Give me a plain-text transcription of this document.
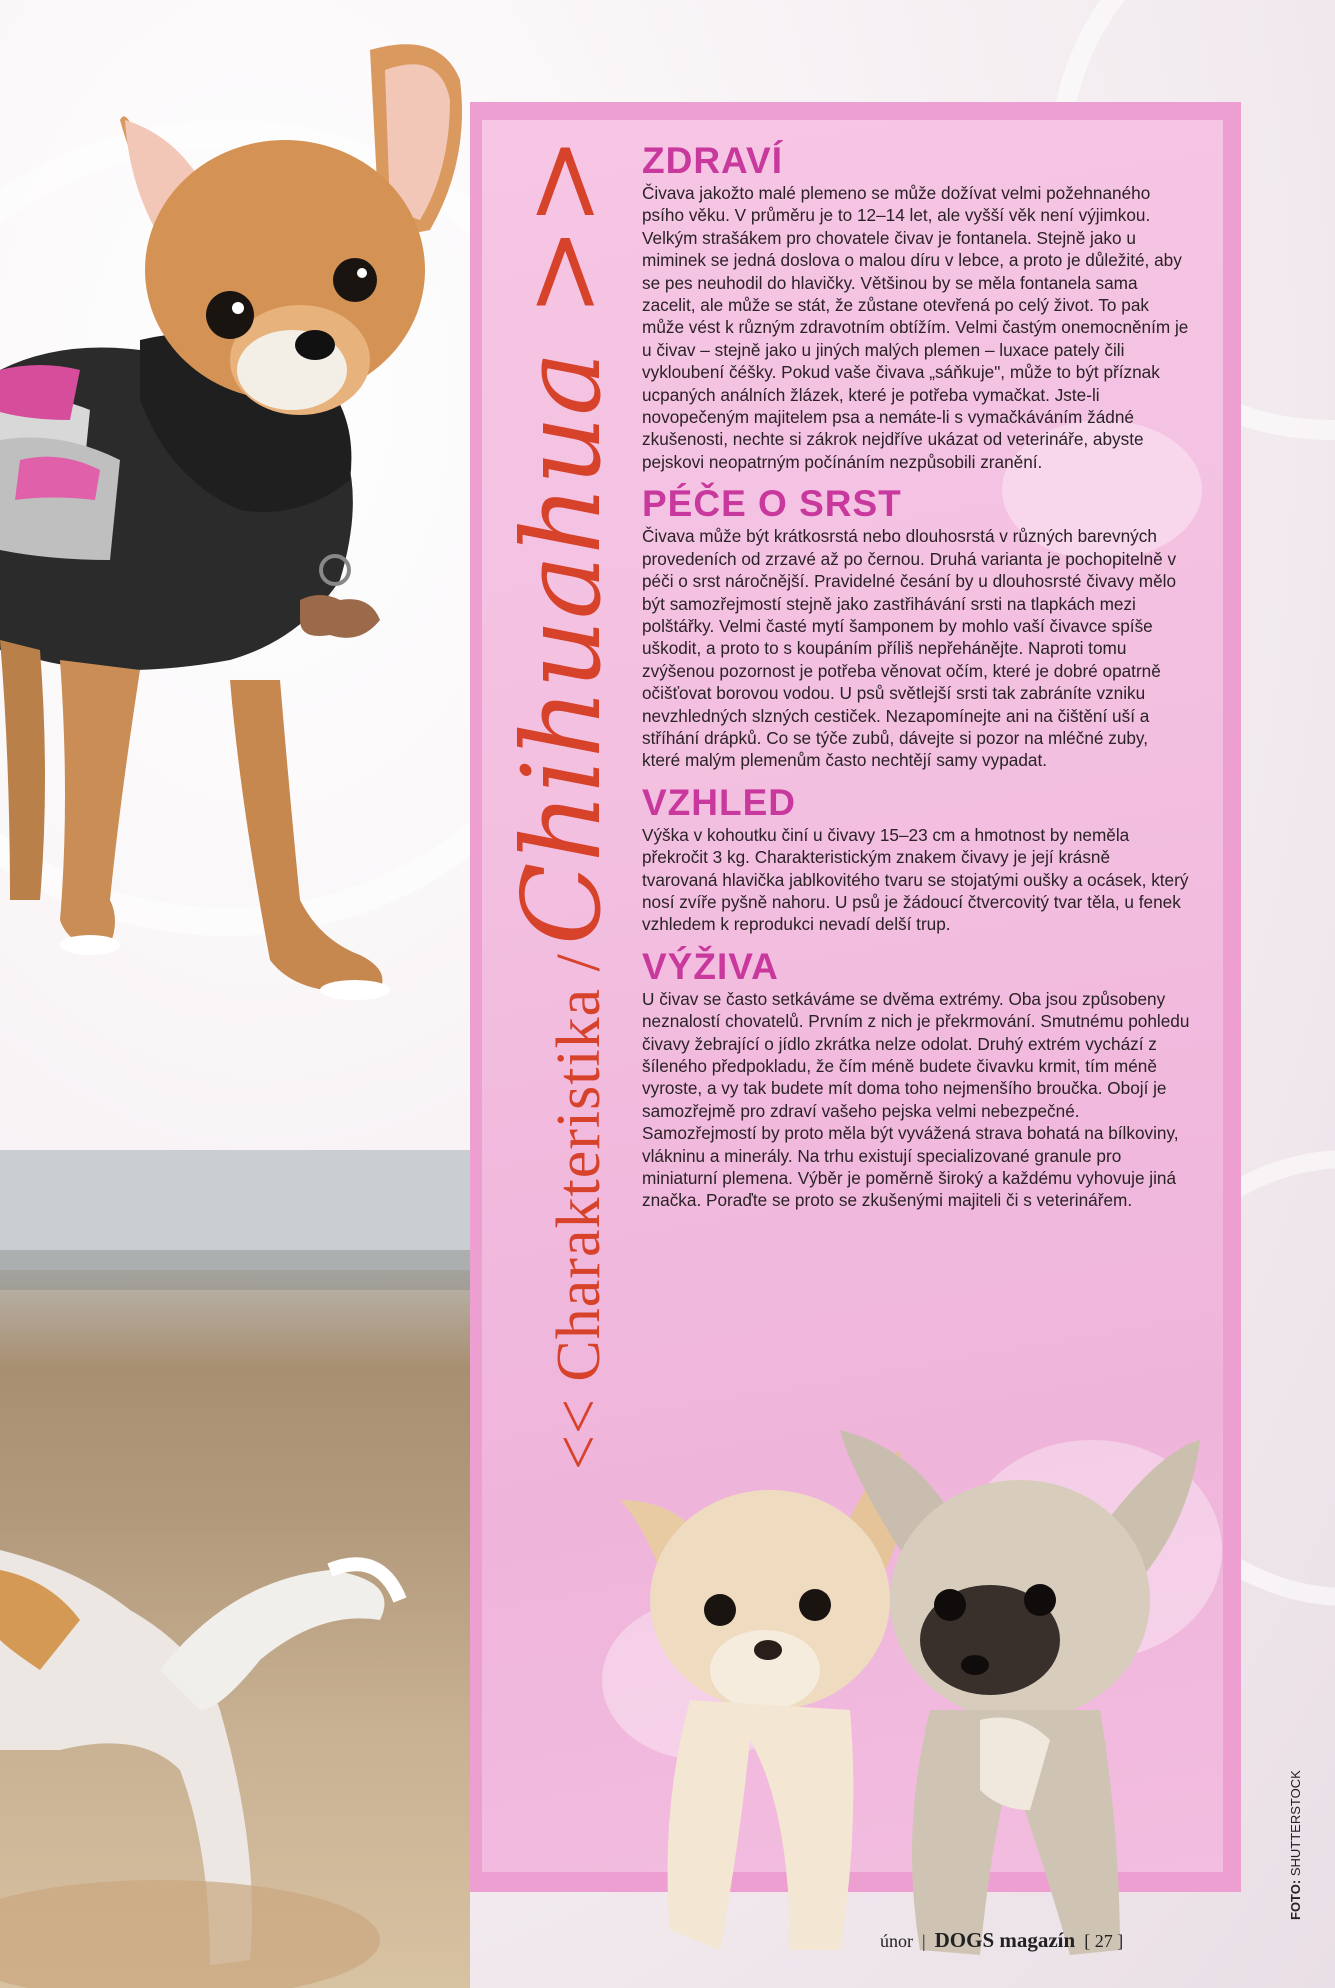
<< Charakteristika /Chihuahua >> ZDRAVÍ

Čivava jakožto malé plemeno se může dožívat velmi požehnaného psího věku. V průměru je to 12–14 let, ale vyšší věk není výjimkou. Velkým strašákem pro chovatele čivav je fontanela. Stejně jako u miminek se jedná doslova o malou díru v lebce, a proto je důležité, aby se pes neuhodil do hlavičky. Většinou by se měla fontanela sama zacelit, ale může se stát, že zůstane otevřená po celý život. To pak může vést k různým zdravotním obtížím. Velmi častým onemocněním je u čivav – stejně jako u jiných malých plemen – luxace pately čili vykloubení čéšky. Pokud vaše čivava „sáňkuje", může to být příznak ucpaných análních žlázek, které je potřeba vymačkat. Jste-li novopečeným majitelem psa a nemáte-li s vymačkáváním žádné zkušenosti, nechte si zákrok nejdříve ukázat od veterináře, abyste pejskovi neopatrným počínáním nezpůsobili zranění.

PÉČE O SRST

Čivava může být krátkosrstá nebo dlouhosrstá v různých barevných provedeních od zrzavé až po černou. Druhá varianta je pochopitelně v péči o srst náročnější. Pravidelné česání by u dlouhosrsté čivavy mělo být samozřejmostí stejně jako zastřihávání srsti na tlapkách mezi polštářky. Velmi časté mytí šamponem by mohlo vaší čivavce spíše uškodit, a proto to s koupáním příliš nepřehánějte. Naproti tomu zvýšenou pozornost je potřeba věnovat očím, které je dobré opatrně očišťovat borovou vodou. U psů světlejší srsti tak zabráníte vzniku nevzhledných slzných cestiček. Nezapomínejte ani na čištění uší a stříhání drápků. Co se týče zubů, dávejte si pozor na mléčné zuby, které malým plemenům často nechtějí samy vypadat.

VZHLED

Výška v kohoutku činí u čivavy 15–23 cm a hmotnost by neměla překročit 3 kg. Charakteristickým znakem čivavy je její krásně tvarovaná hlavička jablkovitého tvaru se stojatými oušky a ocásek, který nosí zvíře pyšně nahoru. U psů je žádoucí čtvercovitý tvar těla, u fenek vzhledem k reprodukci nevadí delší trup.

VÝŽIVA

U čivav se často setkáváme se dvěma extrémy. Oba jsou způsobeny neznalostí chovatelů. Prvním z nich je překrmování. Smutnému pohledu čivavy žebrající o jídlo zkrátka nelze odolat. Druhý extrém vychází z šíleného předpokladu, že čím méně budete čivavku krmit, tím méně vyroste, a vy tak budete mít doma toho nejmenšího broučka. Obojí je samozřejmě pro zdraví vašeho pejska velmi nebezpečné. Samozřejmostí by proto měla být vyvážená strava bohatá na bílkoviny, vlákninu a minerály. Na trhu existují specializované granule pro miniaturní plemena. Výběr je poměrně široký a každému vyhovuje jiná značka. Poraďte se proto se zkušenými majiteli či s veterinářem.

únor  |  DOGS magazín [ 27 ]
FOTO: SHUTTERSTOCK
